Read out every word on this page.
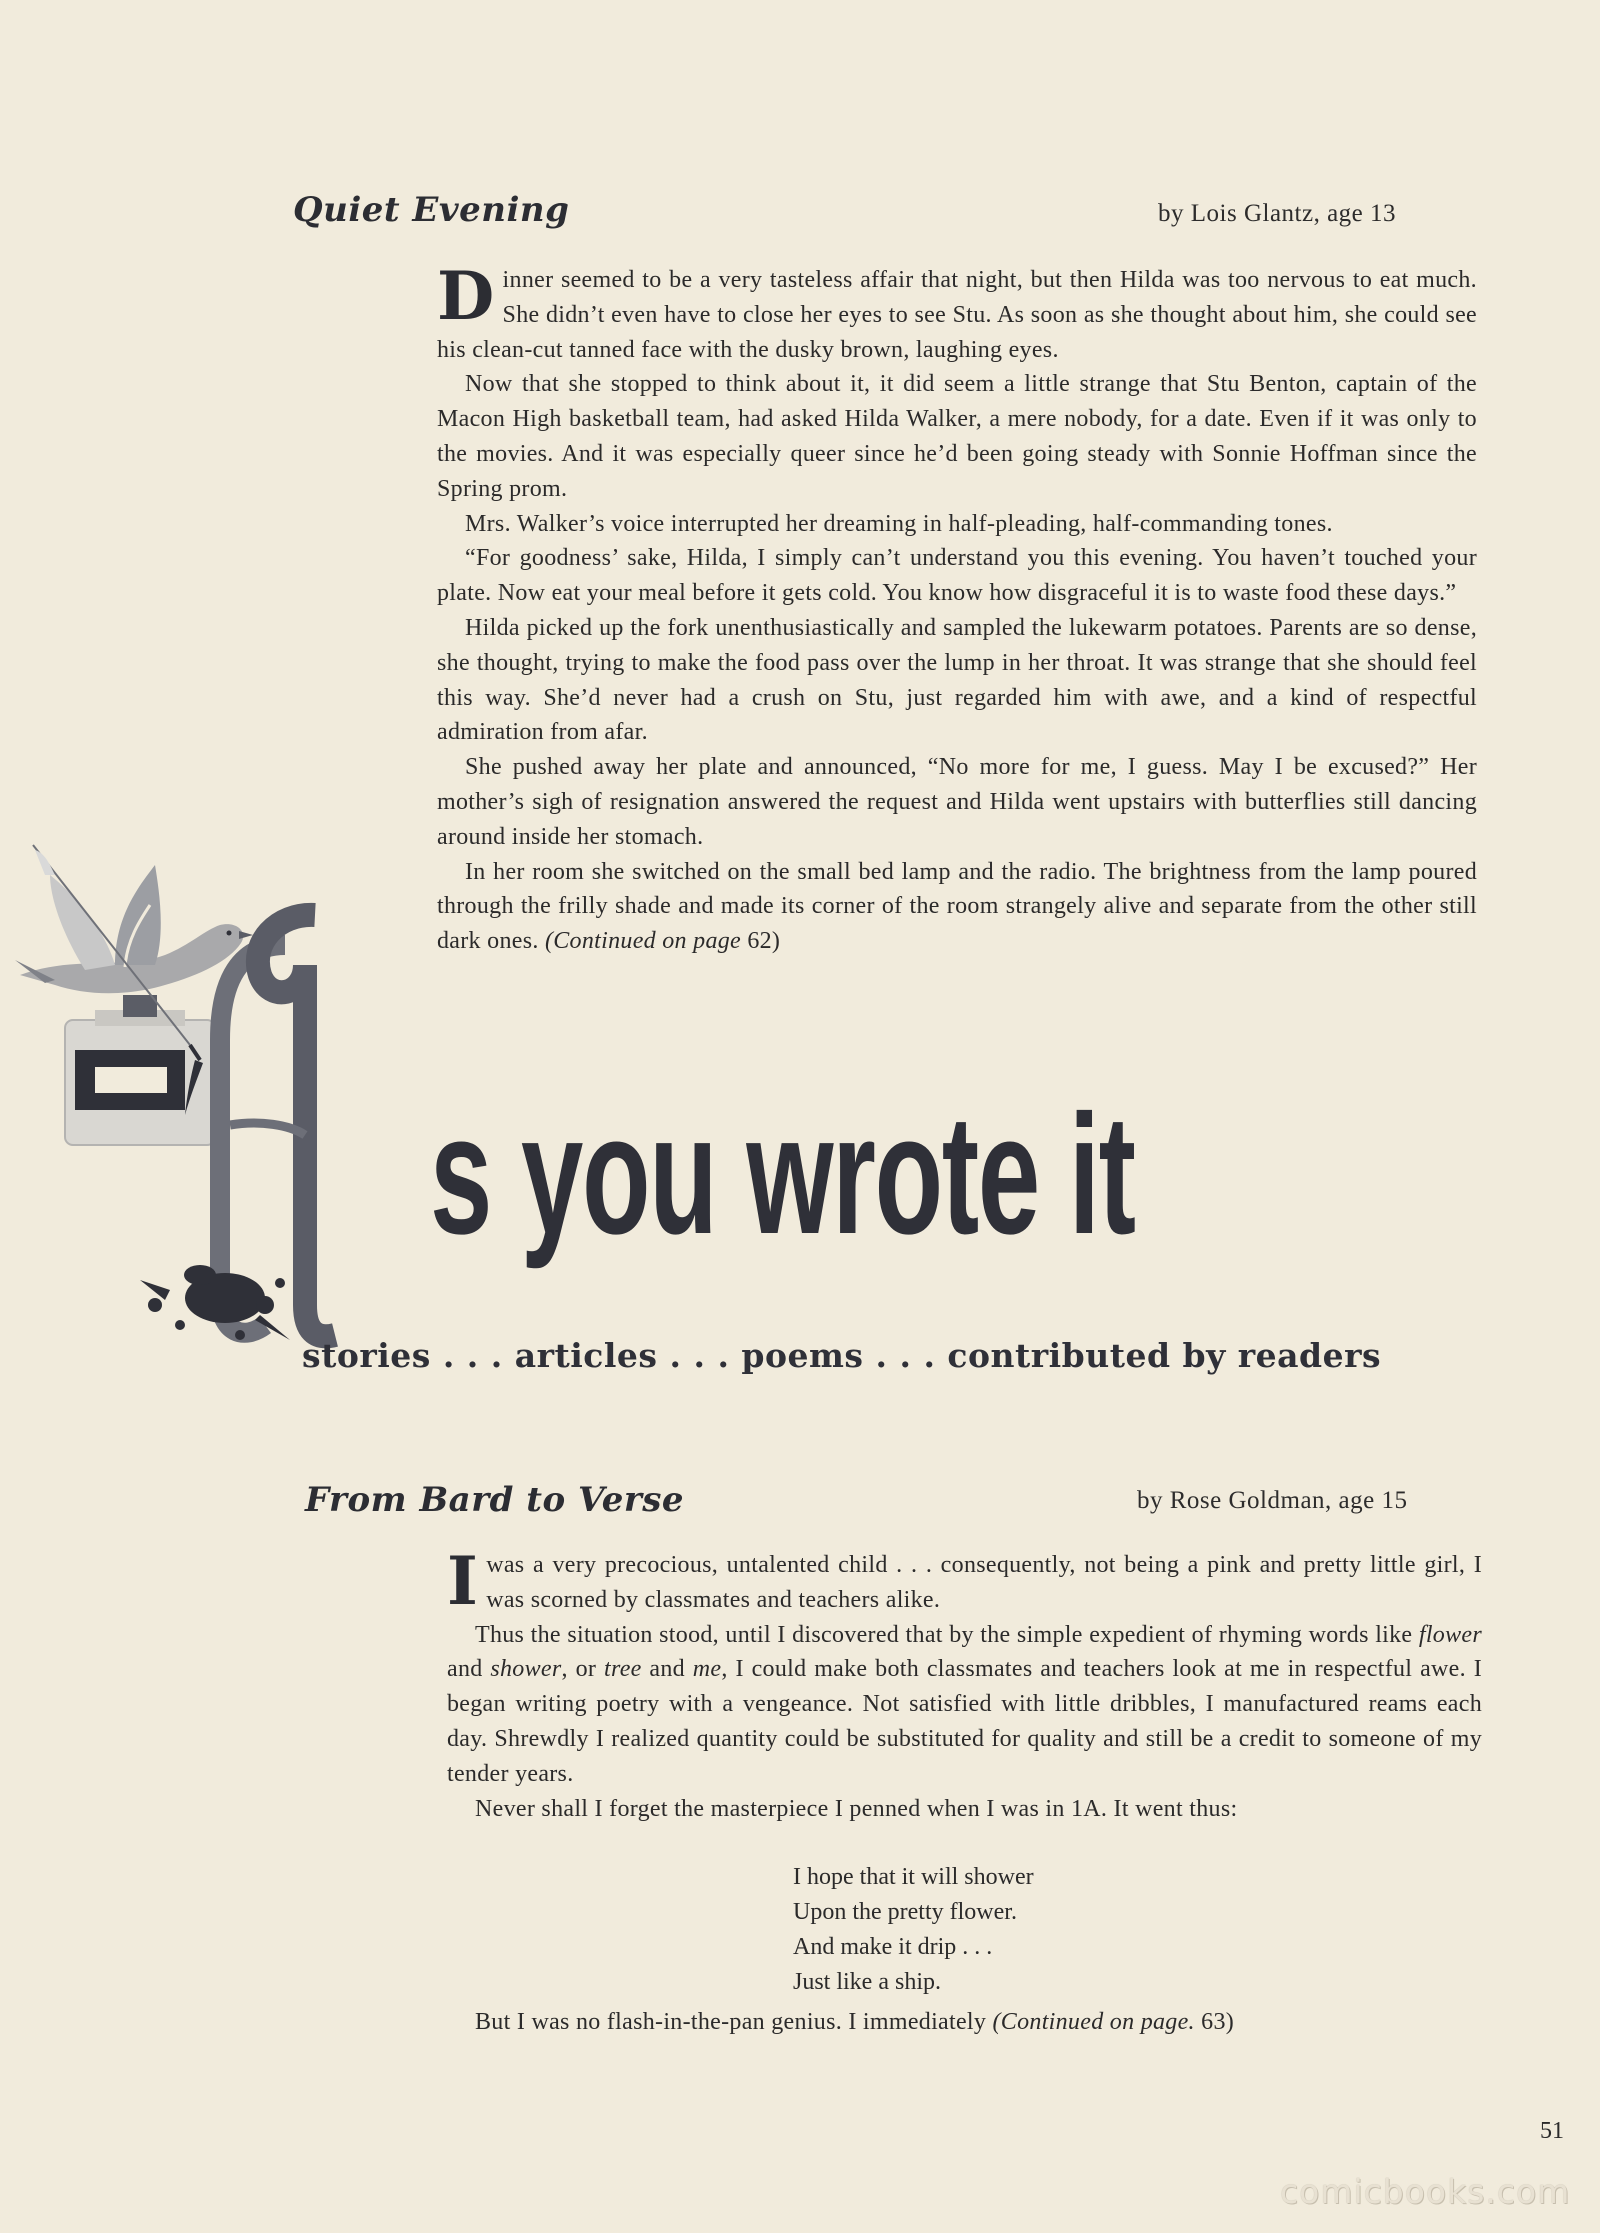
Quiet Evening	by Lois Glantz, age 13

Dinner seemed to be a very tasteless affair that night, but then Hilda was too nervous to eat much. She didn’t even have to close her eyes to see Stu. As soon as she thought about him, she could see his clean-cut tanned face with the dusky brown, laughing eyes.

Now that she stopped to think about it, it did seem a little strange that Stu Benton, captain of the Macon High basketball team, had asked Hilda Walker, a mere nobody, for a date. Even if it was only to the movies. And it was especially queer since he’d been going steady with Sonnie Hoffman since the Spring prom.

Mrs. Walker’s voice interrupted her dreaming in half-pleading, half-commanding tones.

“For goodness’ sake, Hilda, I simply can’t understand you this evening. You haven’t touched your plate. Now eat your meal before it gets cold. You know how disgraceful it is to waste food these days.”

Hilda picked up the fork unenthusiastically and sampled the lukewarm potatoes. Parents are so dense, she thought, trying to make the food pass over the lump in her throat. It was strange that she should feel this way. She’d never had a crush on Stu, just regarded him with awe, and a kind of respectful admiration from afar.

She pushed away her plate and announced, “No more for me, I guess. May I be excused?” Her mother’s sigh of resignation answered the request and Hilda went upstairs with butterflies still dancing around inside her stomach.

In her room she switched on the small bed lamp and the radio. The brightness from the lamp poured through the frilly shade and made its corner of the room strangely alive and separate from the other still dark ones. (Continued on page 62)

s you wrote it
stories . . . articles . . . poems . . . contributed by readers
From Bard to Verse	by Rose Goldman, age 15

Iwas a very precocious, untalented child . . . consequently, not being a pink and pretty little girl, I was scorned by classmates and teachers alike.

Thus the situation stood, until I discovered that by the simple expedient of rhyming words like flower and shower, or tree and me, I could make both classmates and teachers look at me in respectful awe. I began writing poetry with a vengeance. Not satisfied with little dribbles, I manufactured reams each day. Shrewdly I realized quantity could be substituted for quality and still be a credit to someone of my tender years.

Never shall I forget the masterpiece I penned when I was in 1A. It went thus:

I hope that it will shower
Upon the pretty flower.
And make it drip . . .
Just like a ship.

But I was no flash-in-the-pan genius. I immediately (Continued on page. 63)

51
comicbooks.com
